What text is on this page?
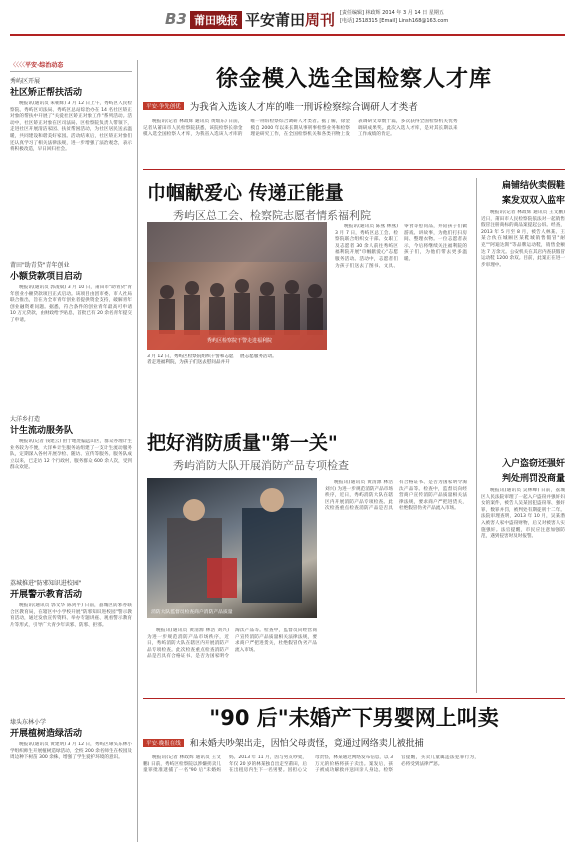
B3 莆田晚报 平安莆田周刊 [责任编辑] 林政辉 2014 年 3 月 14 日 星期五
[电话] 2518315 [Email] Linsh168@163.com
〈〈〈〈平安·综治动态
秀屿区开展
社区矫正帮扶活动

晚报讯(通讯员 朱朝辉) 3 月 12 日上午，秀屿区人民检察院、秀屿区司法局、秀屿区总站综治办在 14 名社区矫正对象的帮扶中开展了"关爱社区矫正对象工作"系列活动。活动中，社区矫正对象在区司法局、区检察院负责人带领下，走进社区开展清洁家园、扶贫帮困活动，为社区居民送去温暖，共同建设和谐美好家园。活动结束后，社区矫正对象们还认真学习了相关法律法规，进一步增强了法治观念，表示将积极改造，早日回归社会。

莆田"助青贷"青年创业
小额贷款项目启动

晚报讯(通讯员 郭凌斌) 3 月 10 日，莆田市"助青贷"青年创业小额贷款项目正式启动。该项目由团市委、市人社局联合推出，旨在为全市青年创业者提供资金支持，破解青年创业融资难问题。据悉，符合条件的创业青年最高可申请 10 万元贷款，由财政给予贴息，首批已有 20 余名青年提交了申请。

大洋乡打造
计生流动服务队

晚报讯(记者 钱建云) 由于地处偏远山区，群众办理计生业务较为不便，大洋乡计生服务站组建了一支计生流动服务队，定期深入各村开展孕检、随访、宣传等服务。服务队成立以来，已走访 12 个行政村，服务群众 600 余人次，受到群众欢迎。

荔城推进"防邪知识进校园"
开展警示教育活动

晚报讯(通讯员 郭文华 陈剑平) 日前，荔城区防邪办联合区教育局，在辖区中小学校开展"防邪知识进校园"警示教育活动，通过发放宣传资料、举办专题讲座、观看警示教育片等形式，引导广大青少年识邪、防邪、拒邪。

埭头东林小学
开展植树造绿活动

晚报讯(通讯员 黄建明) 3 月 12 日，秀屿区埭头东林小学组织师生开展植树造绿活动，全校 200 余名师生在校园及周边种下树苗 300 余株，增强了学生爱护环境的意识。

徐金模入选全国检察人才库
平安·争先创优 为我省入选该人才库的唯一刑诉检察综合调研人才类者

晚报讯(记者 林政辉 通讯员 黄灿东) 日前，记者从莆田市人民检察院获悉，该院检察长徐金模入选全国检察人才库，为我省入选该人才库的唯一刑诉检察综合调研人才类者。据了解，徐金模自 2000 年以来长期从事刑事检察业务和检察理论研究工作，在全国检察机关和各类刊物上发表调研文章数十篇，多次获得全国检察机关优秀调研成果奖。此次入选人才库，是对其长期以来工作成绩的肯定。

巾帼献爱心 传递正能量
秀屿区总工会、检察院志愿者情系福利院
秀屿区检察院干警走进福利院
3 月 12 日，秀屿区检察院组织干警和志愿者走进福利院，为孩子们送去慰问品并开展志愿服务活动。

晚报讯(通讯员 陈燕 林燕) 3 月 7 日，秀屿区总工会、检察院联合组织女干部、女职工及志愿者 30 余人前往秀屿区福利院开展"巾帼献爱心"志愿服务活动。活动中，志愿者们为孩子们送去了图书、文具、零食等慰问品，并陪孩子们做游戏、讲故事，为他们打扫房间、整理衣物。一位志愿者表示，今后将继续关注福利院的孩子们，为他们带去更多温暖。

把好消防质量"第一关"
秀屿消防大队开展消防产品专项检查
消防大队监督员检查商户消防产品质量

晚报讯(通讯员 黄清源 林浩 刘兴) 为进一步规范消防产品市场秩序，近日，秀屿消防大队在辖区内开展消防产品专项检查。此次检查重点检查消防产品是否具有合格证书、是否为国家明令淘汰产品等。检查中，监督员向经营商户宣传消防产品质量相关法律法规，要求商户严把进货关，杜绝假冒伪劣产品流入市场。

晚报讯(通讯员 黄清源 林浩 刘兴) 为进一步规范消防产品市场秩序，近日，秀屿消防大队在辖区内开展消防产品专项检查。此次检查重点检查消防产品是否具有合格证书、是否为国家明令淘汰产品等。检查中，监督员向经营商户宣传消防产品质量相关法律法规，要求商户严把进货关，杜绝假冒伪劣产品流入市场。

扁铺结伙卖假鞋
案发双双入监牢

晚报讯(记者 林政辉 通讯员 王文鹏) 近日，莆田市人民检察院依法对一起销售假冒注册商标的商品案提起公诉。经查，2013 年 5 月至 8 月，被告人林某、王某合伙在城厢区某鞋城销售假冒"耐克""阿迪达斯"等品牌运动鞋，销售金额达 7 万余元。公安机关在其店内查获假冒运动鞋 1200 余双。目前，此案正在进一步审理中。

入户盗窃还强奸
判处刑罚没商量

晚报讯(通讯员 吴林峰) 日前，荔城区人民法院审理了一起入户盗窃并强奸妇女的案件，被告人吴某因犯盗窃罪、强奸罪，数罪并罚，被判处有期徒刑十二年。法院审理查明，2013 年 10 月，吴某潜入被害人家中盗窃财物，后又对被害人实施强奸。法官提醒，市民应注意加强防范，遇到侵害时及时报警。

"90 后"未婚产下男婴网上叫卖
平安·晚报在线	和未婚夫吵架出走，因怕父母责怪，竟通过网络卖儿被批捕

晚报讯(记者 林政辉 通讯员 王文鹏) 日前，秀屿区检察院以涉嫌拐卖儿童罪批准逮捕了一名"90 后"未婚妈妈。2013 年 11 月，因与男友吵架，年仅 20 岁的林某独自出走至莆田，后在出租房内生下一名男婴。因担心父母责怪，林某通过网络发布信息，以 3 万元的价格将孩子卖出。案发后，孩子被成功解救并送回亲人身边。检察官提醒，买卖儿童属违法犯罪行为，必将受到法律严惩。
